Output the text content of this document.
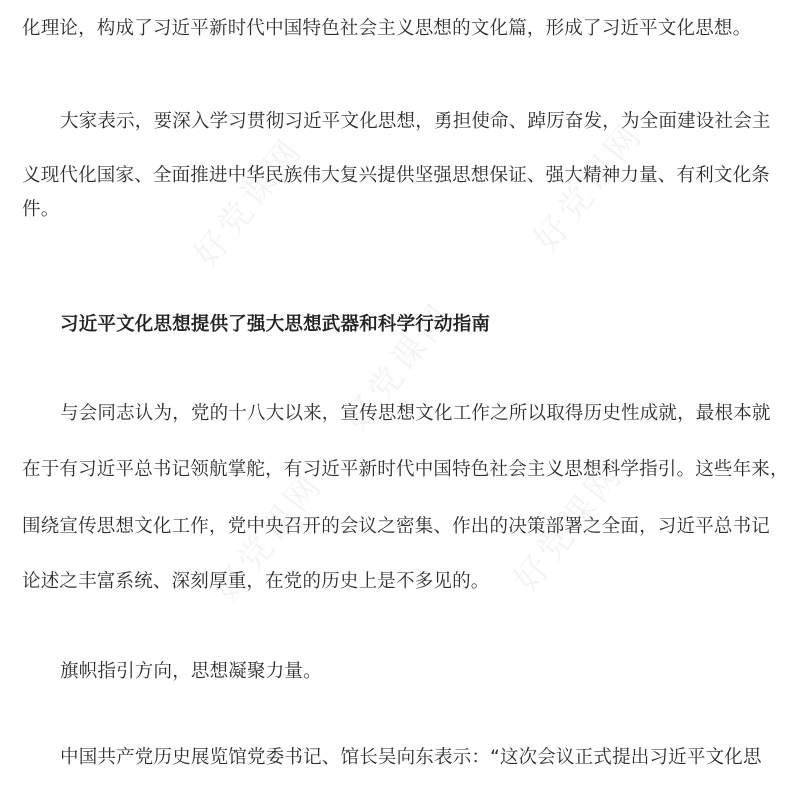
化理论，构成了习近平新时代中国特色社会主义思想的文化篇，形成了习近平文化思想。
大家表示，要深入学习贯彻习近平文化思想，勇担使命、踔厉奋发，为全面建设社会主
义现代化国家、全面推进中华民族伟大复兴提供坚强思想保证、强大精神力量、有利文化条
件。
习近平文化思想提供了强大思想武器和科学行动指南
与会同志认为，党的十八大以来，宣传思想文化工作之所以取得历史性成就，最根本就
在于有习近平总书记领航掌舵，有习近平新时代中国特色社会主义思想科学指引。这些年来，
围绕宣传思想文化工作，党中央召开的会议之密集、作出的决策部署之全面，习近平总书记
论述之丰富系统、深刻厚重，在党的历史上是不多见的。
旗帜指引方向，思想凝聚力量。
中国共产党历史展览馆党委书记、馆长吴向东表示：“这次会议正式提出习近平文化思
